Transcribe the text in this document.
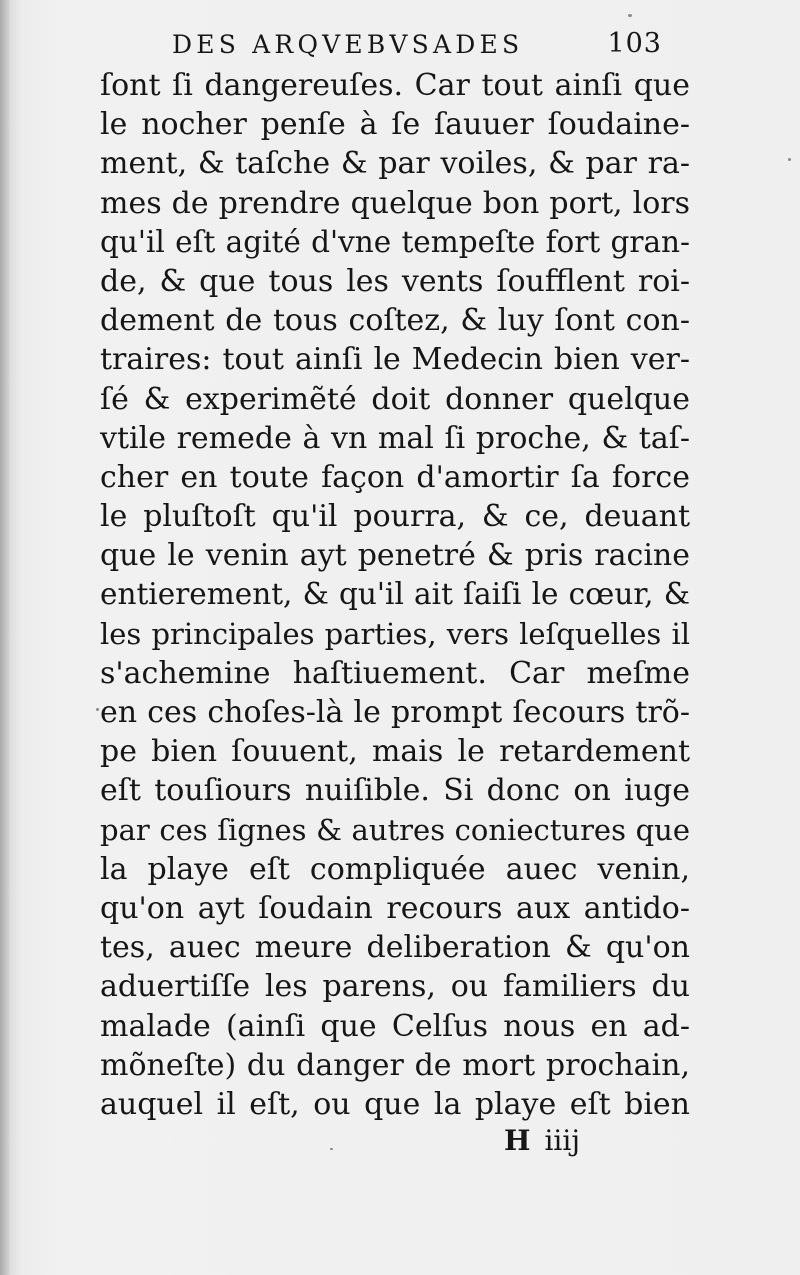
DES ARQVEBVSADES	103
ſont ſi dangereuſes. Car tout ainſi que
le nocher penſe à ſe ſauuer ſoudaine-
ment, & taſche & par voiles, & par ra-
mes de prendre quelque bon port, lors
qu'il eſt agité d'vne tempeſte fort gran-
de, & que tous les vents ſoufflent roi-
dement de tous coſtez, & luy ſont con-
traires: tout ainſi le Medecin bien ver-
ſé & experimẽté doit donner quelque
vtile remede à vn mal ſi proche, & taſ-
cher en toute façon d'amortir ſa force
le pluſtoſt qu'il pourra, & ce, deuant
que le venin ayt penetré & pris racine
entierement, & qu'il ait ſaiſi le cœur, &
les principales parties, vers leſquelles il
s'achemine haſtiuement. Car meſme
en ces choſes-là le prompt ſecours trõ-
pe bien ſouuent, mais le retardement
eſt touſiours nuiſible. Si donc on iuge
par ces ſignes & autres coniectures que
la playe eſt compliquée auec venin,
qu'on ayt ſoudain recours aux antido-
tes, auec meure deliberation & qu'on
aduertiſſe les parens, ou familiers du
malade (ainſi que Celſus nous en ad-
mõneſte) du danger de mort prochain,
auquel il eſt, ou que la playe eſt bien
H iiij
